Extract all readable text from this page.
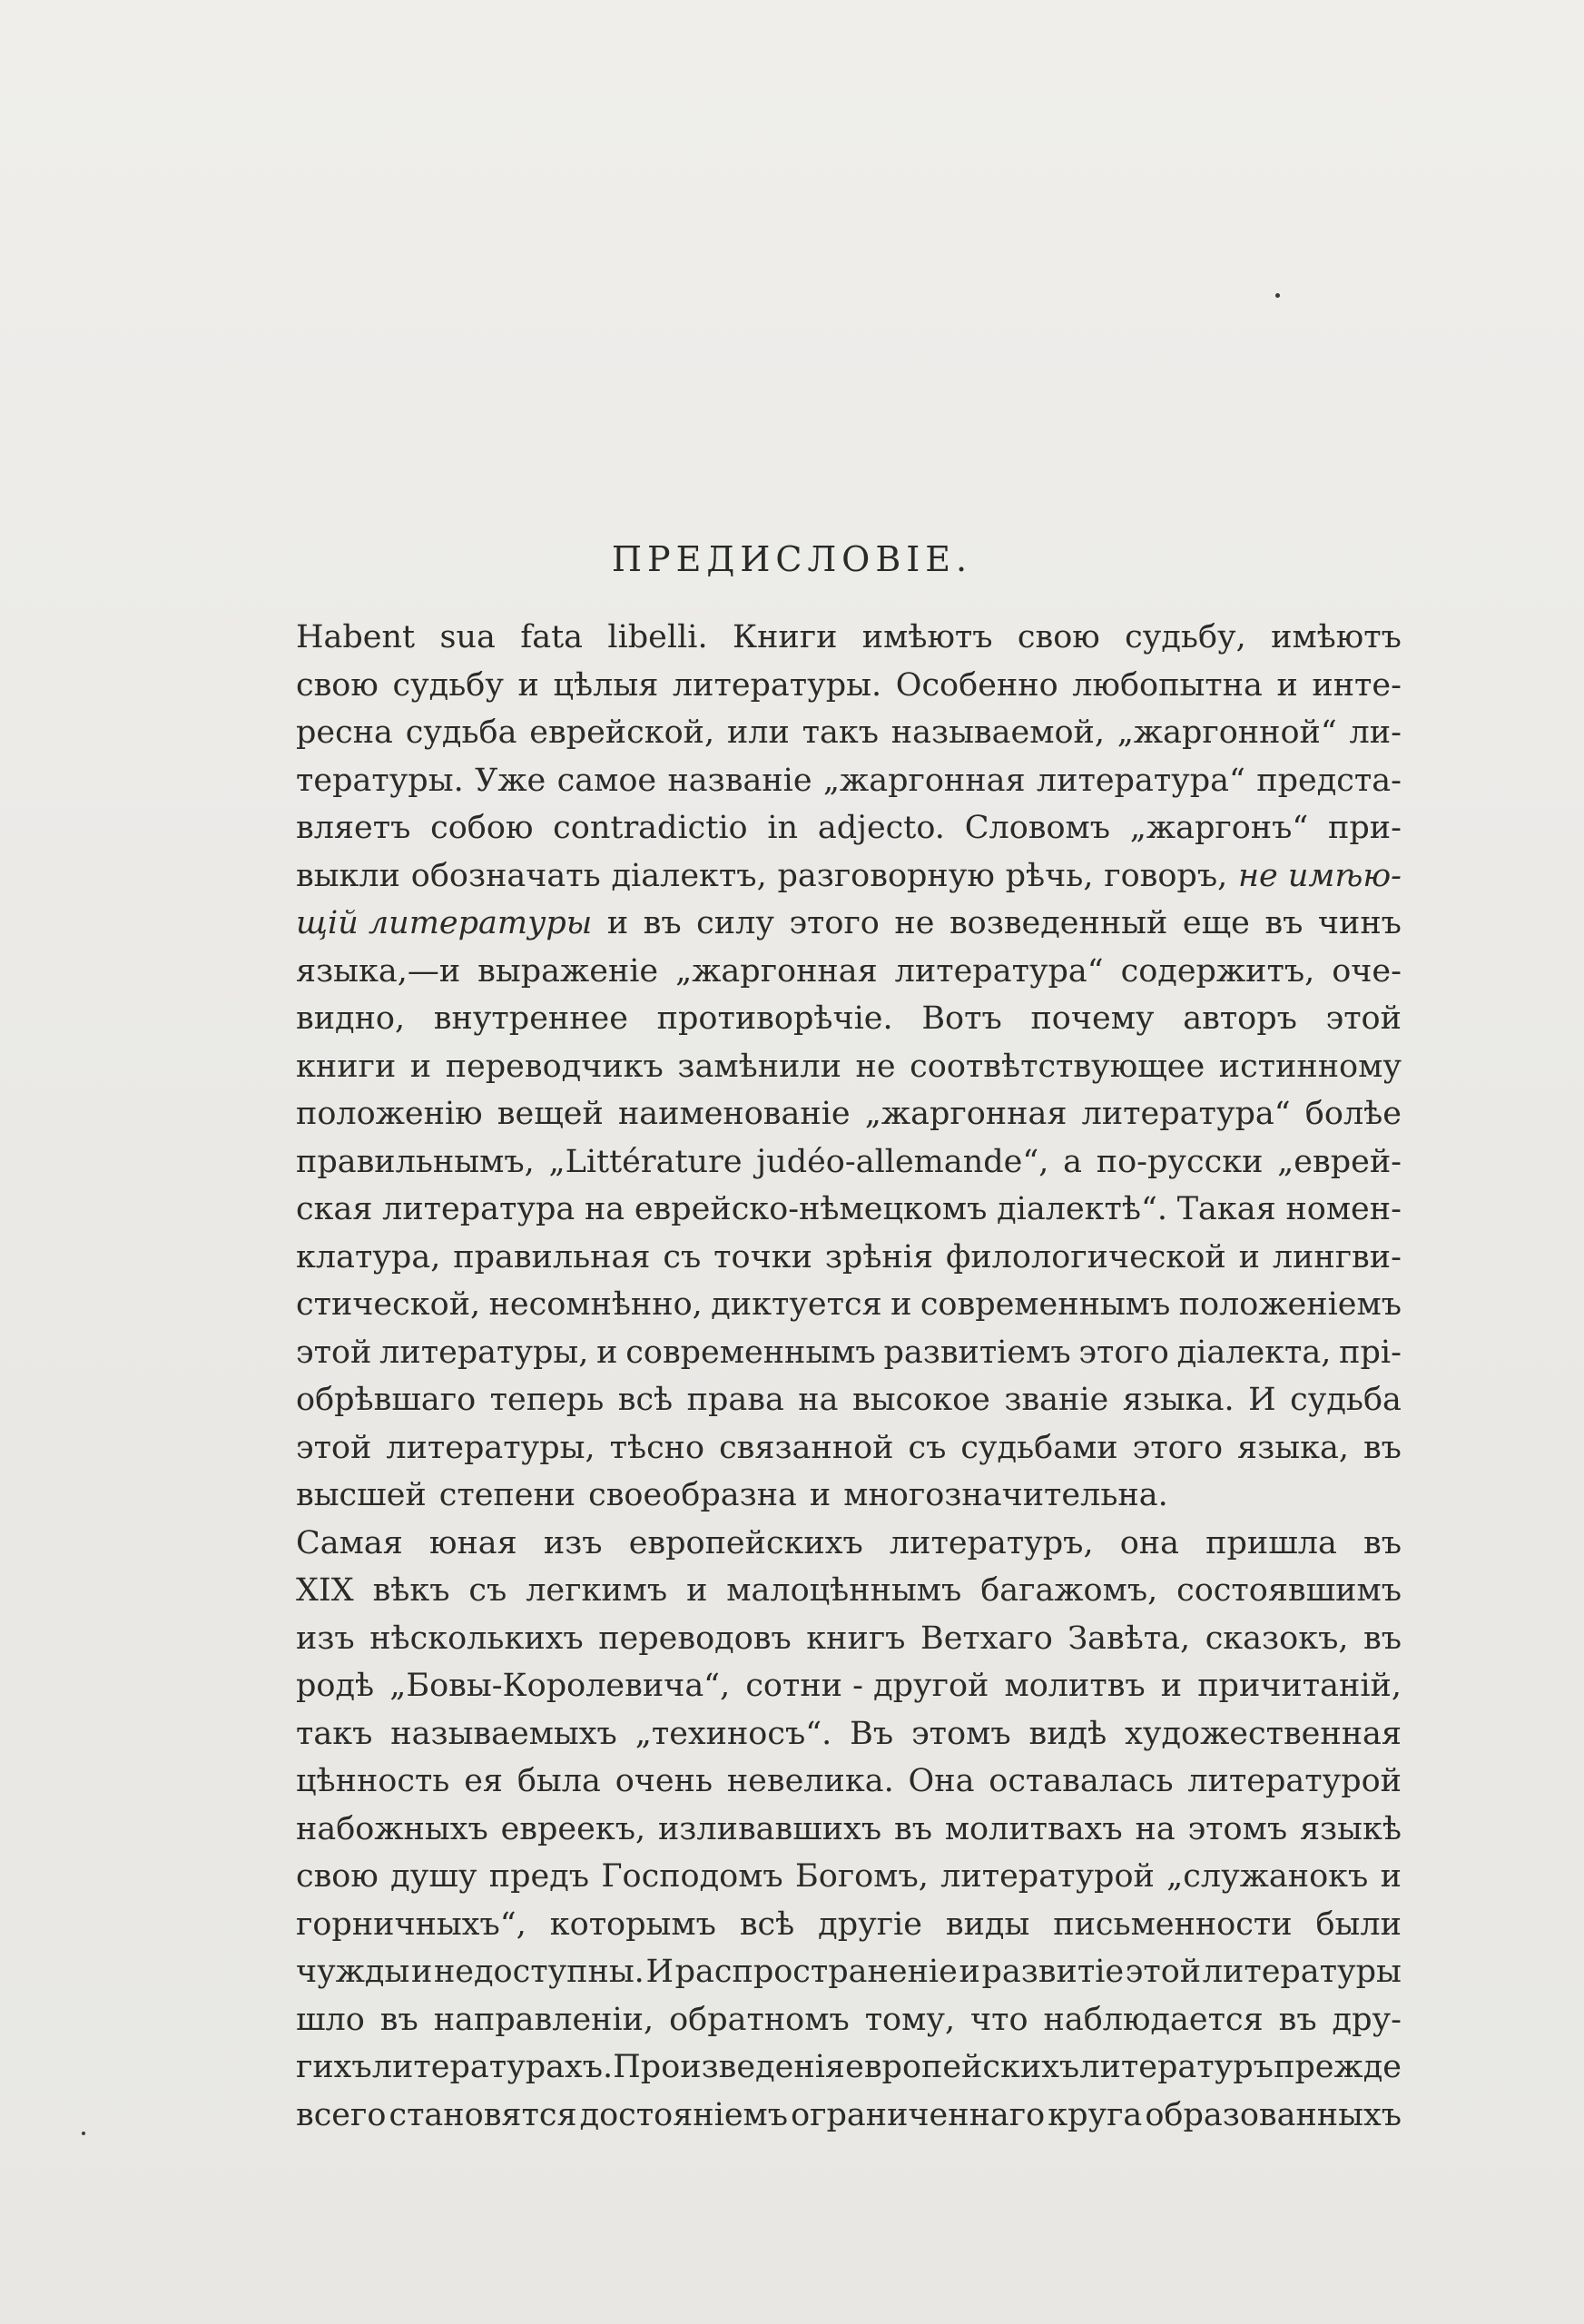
ПРЕДИСЛОВІЕ.
Habent sua fata libelli. Книги имѣютъ свою судьбу, имѣютъ
свою судьбу и цѣлыя литературы. Особенно любопытна и инте-
ресна судьба еврейской, или такъ называемой, „жаргонной“ ли-
тературы. Уже самое названіе „жаргонная литература“ предста-
вляетъ собою contradictio in adjecto. Словомъ „жаргонъ“ при-
выкли обозначать діалектъ, разговорную рѣчь, говоръ, не имѣю-
щій литературы и въ силу этого не возведенный еще въ чинъ
языка,—и выраженіе „жаргонная литература“ содержитъ, оче-
видно, внутреннее противорѣчіе. Вотъ почему авторъ этой
книги и переводчикъ замѣнили не соотвѣтствующее истинному
положенію вещей наименованіе „жаргонная литература“ болѣе
правильнымъ, „Littérature judéo-allemande“, а по-русски „еврей-
ская литература на еврейско-нѣмецкомъ діалектѣ“. Такая номен-
клатура, правильная съ точки зрѣнія филологической и лингви-
стической, несомнѣнно, диктуется и современнымъ положеніемъ
этой литературы, и современнымъ развитіемъ этого діалекта, прі-
обрѣвшаго теперь всѣ права на высокое званіе языка. И судьба
этой литературы, тѣсно связанной съ судьбами этого языка, въ
высшей степени своеобразна и многозначительна.
Самая юная изъ европейскихъ литературъ, она пришла въ
XIX вѣкъ съ легкимъ и малоцѣннымъ багажомъ, состоявшимъ
изъ нѣсколькихъ переводовъ книгъ Ветхаго Завѣта, сказокъ, въ
родѣ „Бовы-Королевича“, сотни - другой молитвъ и причитаній,
такъ называемыхъ „техиносъ“. Въ этомъ видѣ художественная
цѣнность ея была очень невелика. Она оставалась литературой
набожныхъ евреекъ, изливавшихъ въ молитвахъ на этомъ языкѣ
свою душу предъ Господомъ Богомъ, литературой „служанокъ и
горничныхъ“, которымъ всѣ другіе виды письменности были
чужды и недоступны. И распространеніе и развитіе этой литературы
шло въ направленіи, обратномъ тому, что наблюдается въ дру-
гихъ литературахъ. Произведенія европейскихъ литературъ прежде
всего становятся достояніемъ ограниченнаго круга образованныхъ
